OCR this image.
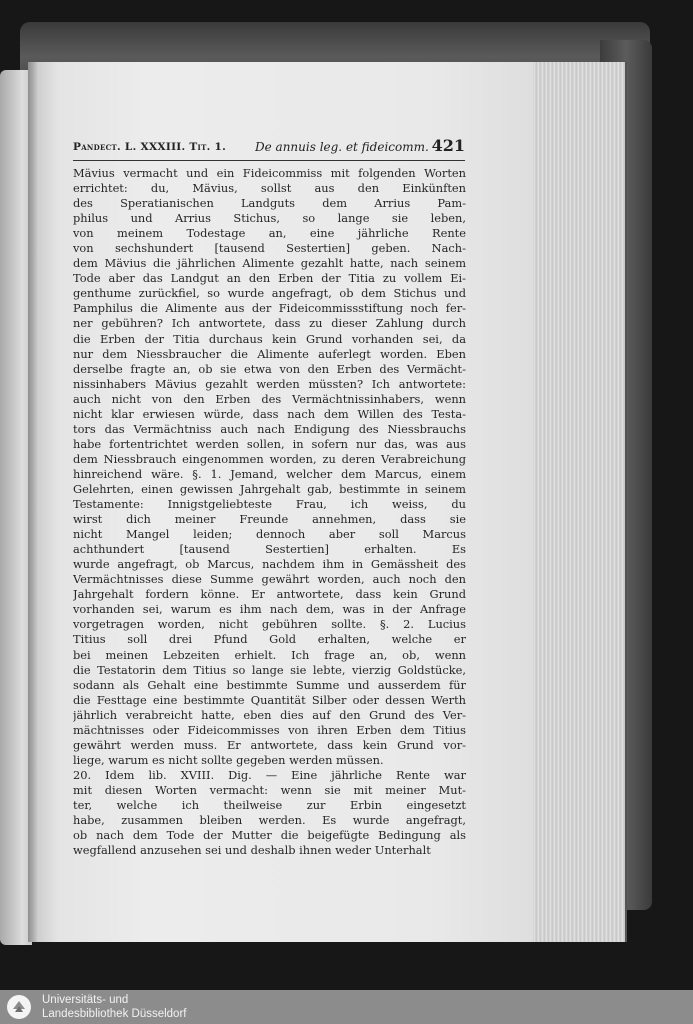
Pandect. L. XXXIII. Tit. 1. De annuis leg. et fideicomm. 421
Mävius vermacht und ein Fideicommiss mit folgenden Worten
errichtet: du, Mävius, sollst aus den Einkünften
des Speratianischen Landguts dem Arrius Pam-
philus und Arrius Stichus, so lange sie leben,
von meinem Todestage an, eine jährliche Rente
von sechshundert [tausend Sestertien] geben. Nach-
dem Mävius die jährlichen Alimente gezahlt hatte, nach seinem
Tode aber das Landgut an den Erben der Titia zu vollem Ei-
genthume zurückfiel, so wurde angefragt, ob dem Stichus und
Pamphilus die Alimente aus der Fideicommissstiftung noch fer-
ner gebühren? Ich antwortete, dass zu dieser Zahlung durch
die Erben der Titia durchaus kein Grund vorhanden sei, da
nur dem Niessbraucher die Alimente auferlegt worden. Eben
derselbe fragte an, ob sie etwa von den Erben des Vermächt-
nissinhabers Mävius gezahlt werden müssten? Ich antwortete:
auch nicht von den Erben des Vermächtnissinhabers, wenn
nicht klar erwiesen würde, dass nach dem Willen des Testa-
tors das Vermächtniss auch nach Endigung des Niessbrauchs
habe fortentrichtet werden sollen, in sofern nur das, was aus
dem Niessbrauch eingenommen worden, zu deren Verabreichung
hinreichend wäre. §. 1. Jemand, welcher dem Marcus, einem
Gelehrten, einen gewissen Jahrgehalt gab, bestimmte in seinem
Testamente: Innigstgeliebteste Frau, ich weiss, du
wirst dich meiner Freunde annehmen, dass sie
nicht Mangel leiden; dennoch aber soll Marcus
achthundert [tausend Sestertien] erhalten. Es
wurde angefragt, ob Marcus, nachdem ihm in Gemässheit des
Vermächtnisses diese Summe gewährt worden, auch noch den
Jahrgehalt fordern könne. Er antwortete, dass kein Grund
vorhanden sei, warum es ihm nach dem, was in der Anfrage
vorgetragen worden, nicht gebühren sollte. §. 2. Lucius
Titius soll drei Pfund Gold erhalten, welche er
bei meinen Lebzeiten erhielt. Ich frage an, ob, wenn
die Testatorin dem Titius so lange sie lebte, vierzig Goldstücke,
sodann als Gehalt eine bestimmte Summe und ausserdem für
die Festtage eine bestimmte Quantität Silber oder dessen Werth
jährlich verabreicht hatte, eben dies auf den Grund des Ver-
mächtnisses oder Fideicommisses von ihren Erben dem Titius
gewährt werden muss. Er antwortete, dass kein Grund vor-
liege, warum es nicht sollte gegeben werden müssen.
20. Idem lib. XVIII. Dig. — Eine jährliche Rente war
mit diesen Worten vermacht: wenn sie mit meiner Mut-
ter, welche ich theilweise zur Erbin eingesetzt
habe, zusammen bleiben werden. Es wurde angefragt,
ob nach dem Tode der Mutter die beigefügte Bedingung als
wegfallend anzusehen sei und deshalb ihnen weder Unterhalt
Universitäts- und
Landesbibliothek Düsseldorf
